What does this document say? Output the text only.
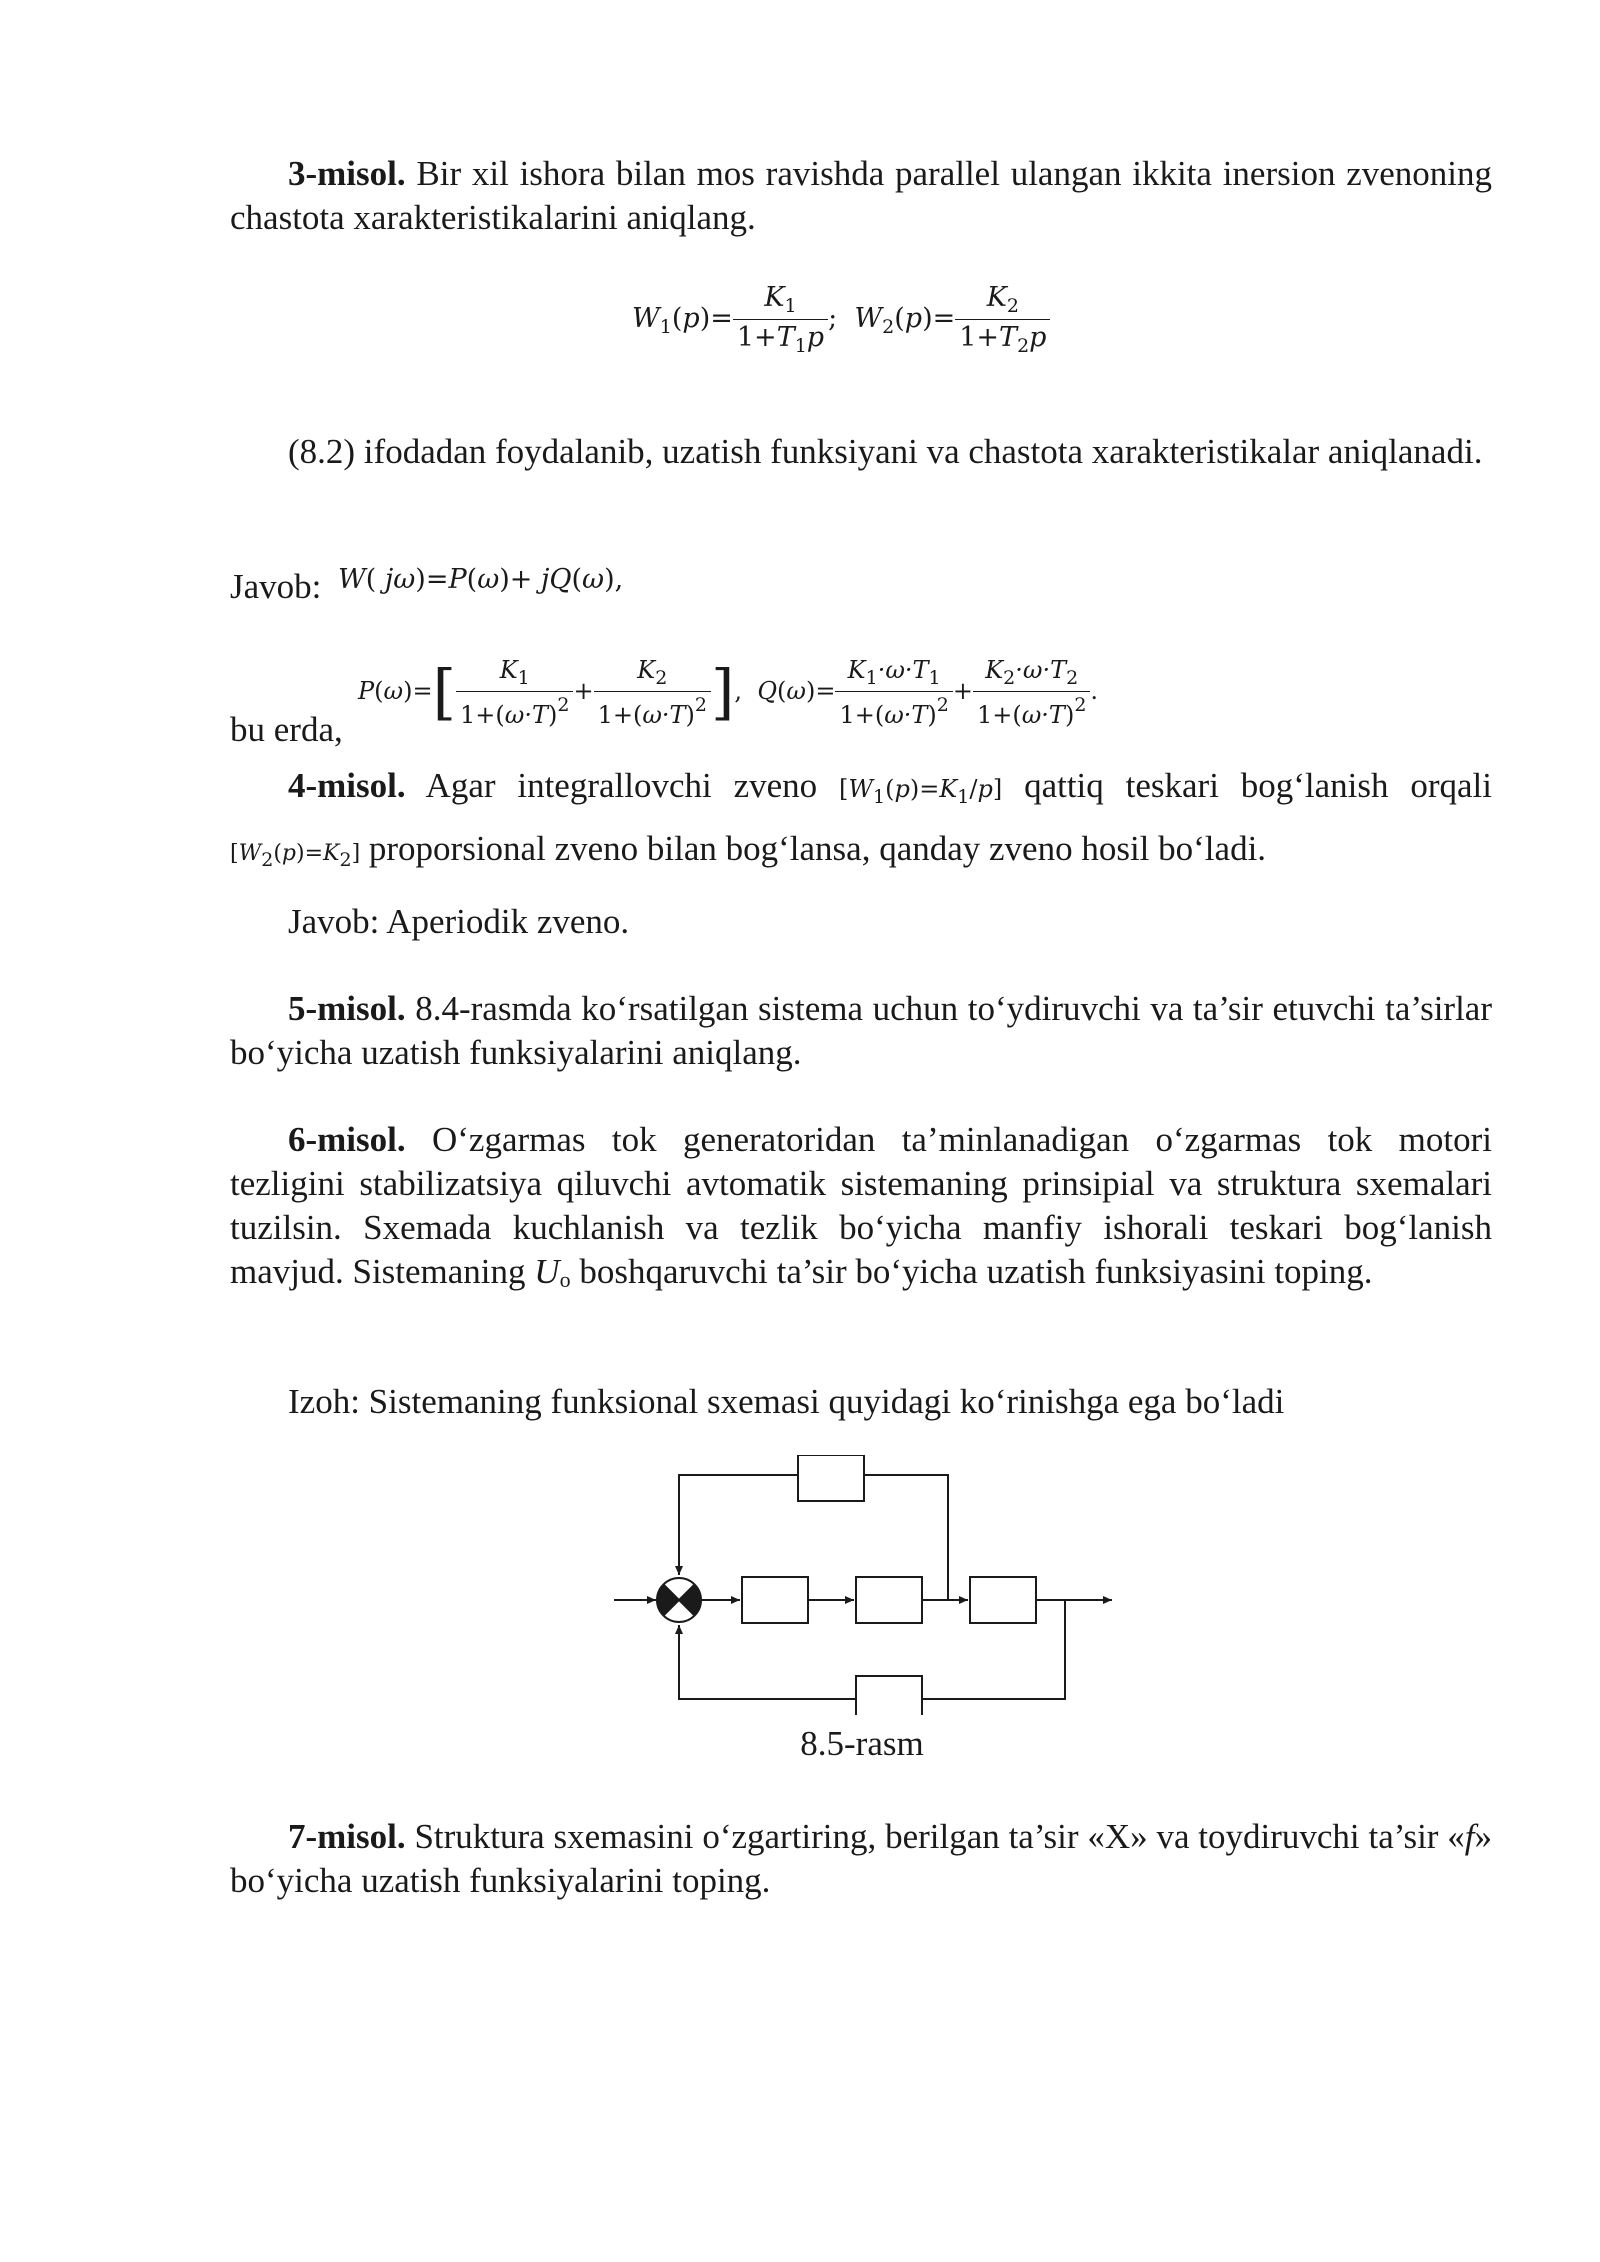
3-misol. Bir xil ishora bilan mos ravishda parallel ulangan ikkita inersion zvenoning chastota xarakteristikalarini aniqlang.
$W_1(p)= \frac{K_1}{1+T_1p}$ ;  $W_2(p)= \frac{K_2}{1+T_2p}$
(8.2) ifodadan foydalanib, uzatish funksiyani va chastota xarakteristikalar aniqlanadi.
Javob: W( jω)=P(ω)+ jQ(ω),
bu erda,
$P(\omega)=[ \frac{K_1}{1+(\omega\cdot T)^2} + \frac{K_2}{1+(\omega\cdot T)^2}$ ],  $Q(\omega)= \frac{K_1\cdot\omega\cdot T_1}{1+(\omega\cdot T)^2} + \frac{K_2\cdot\omega\cdot T_2}{1+(\omega\cdot T)^2}$ .
4-misol. Agar integrallovchi zveno $[W_1(p)=K_1/p]$ qattiq teskari bog‘lanish orqali [W2(p)=K2] proporsional zveno bilan bog‘lansa, qanday zveno hosil bo‘ladi.
Javob: Aperiodik zveno.
5-misol. 8.4-rasmda ko‘rsatilgan sistema uchun to‘ydiruvchi va ta’sir etuvchi ta’sirlar bo‘yicha uzatish funksiyalarini aniqlang.
6-misol. O‘zgarmas tok generatoridan ta’minlanadigan o‘zgarmas tok motori tezligini stabilizatsiya qiluvchi avtomatik sistemaning prinsipial va struktura sxemalari tuzilsin. Sxemada kuchlanish va tezlik bo‘yicha manfiy ishorali teskari bog‘lanish mavjud. Sistemaning Uo boshqaruvchi ta’sir bo‘yicha uzatish funksiyasini toping.
Izoh: Sistemaning funksional sxemasi quyidagi ko‘rinishga ega bo‘ladi
8.5-rasm
7-misol. Struktura sxemasini o‘zgartiring, berilgan ta’sir «X» va toydiruvchi ta’sir «f» bo‘yicha uzatish funksiyalarini toping.
